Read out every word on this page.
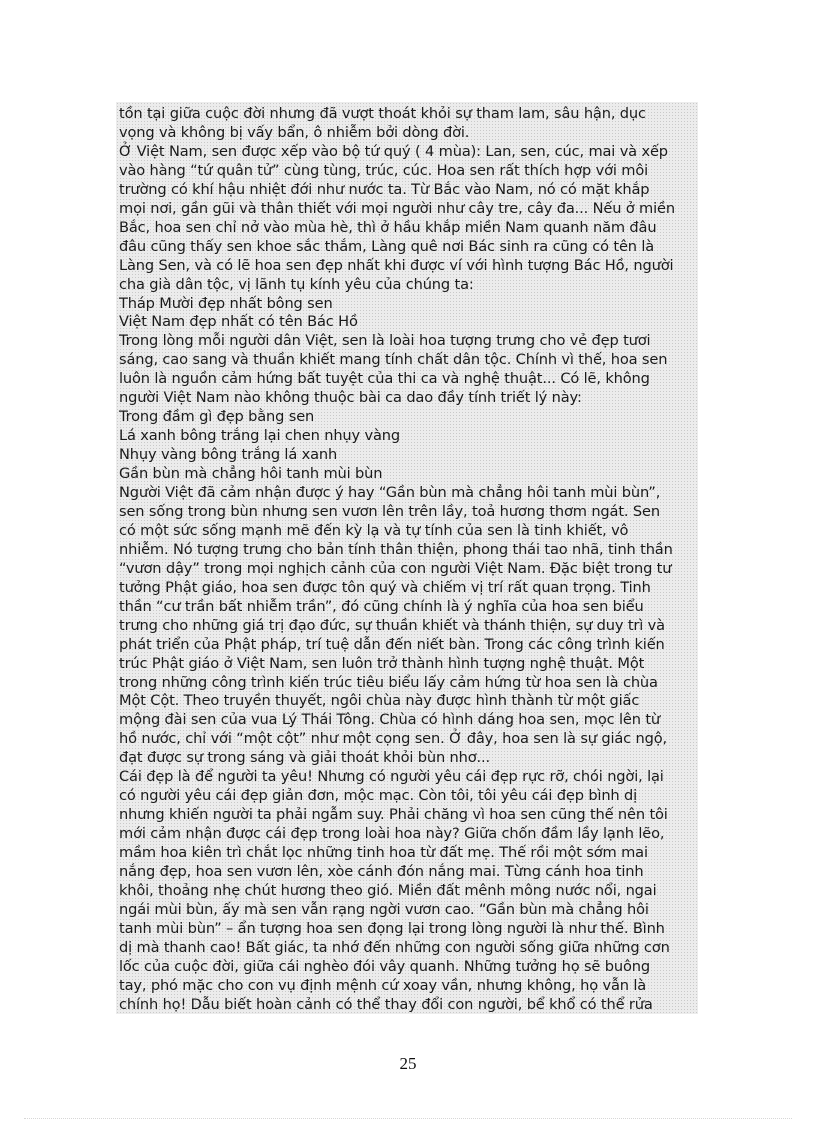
tồn tại giữa cuộc đời nhưng đã vượt thoát khỏi sự tham lam, sâu hận, dục
vọng và không bị vấy bẩn, ô nhiễm bởi dòng đời.
Ở Việt Nam, sen được xếp vào bộ tứ quý ( 4 mùa): Lan, sen, cúc, mai và xếp
vào hàng “tứ quân tử” cùng tùng, trúc, cúc. Hoa sen rất thích hợp với môi
trường có khí hậu nhiệt đới như nước ta. Từ Bắc vào Nam, nó có mặt khắp
mọi nơi, gần gũi và thân thiết với mọi người như cây tre, cây đa... Nếu ở miền
Bắc, hoa sen chỉ nở vào mùa hè, thì ở hầu khắp miền Nam quanh năm đâu
đâu cũng thấy sen khoe sắc thắm, Làng quê nơi Bác sinh ra cũng có tên là
Làng Sen, và có lẽ hoa sen đẹp nhất khi được ví với hình tượng Bác Hồ, người
cha già dân tộc, vị lãnh tụ kính yêu của chúng ta:
Tháp Mười đẹp nhất bông sen
Việt Nam đẹp nhất có tên Bác Hồ
Trong lòng mỗi người dân Việt, sen là loài hoa tượng trưng cho vẻ đẹp tươi
sáng, cao sang và thuần khiết mang tính chất dân tộc. Chính vì thế, hoa sen
luôn là nguồn cảm hứng bất tuyệt của thi ca và nghệ thuật... Có lẽ, không
người Việt Nam nào không thuộc bài ca dao đầy tính triết lý này:
Trong đầm gì đẹp bằng sen
Lá xanh bông trắng lại chen nhụy vàng
Nhụy vàng bông trắng lá xanh
Gần bùn mà chẳng hôi tanh mùi bùn
Người Việt đã cảm nhận được ý hay “Gần bùn mà chẳng hôi tanh mùi bùn”,
sen sống trong bùn nhưng sen vươn lên trên lầy, toả hương thơm ngát. Sen
có một sức sống mạnh mẽ đến kỳ lạ và tự tính của sen là tinh khiết, vô
nhiễm. Nó tượng trưng cho bản tính thân thiện, phong thái tao nhã, tinh thần
“vươn dậy” trong mọi nghịch cảnh của con người Việt Nam. Đặc biệt trong tư
tưởng Phật giáo, hoa sen được tôn quý và chiếm vị trí rất quan trọng. Tinh
thần “cư trần bất nhiễm trần”, đó cũng chính là ý nghĩa của hoa sen biểu
trưng cho những giá trị đạo đức, sự thuần khiết và thánh thiện, sự duy trì và
phát triển của Phật pháp, trí tuệ dẫn đến niết bàn. Trong các công trình kiến
trúc Phật giáo ở Việt Nam, sen luôn trở thành hình tượng nghệ thuật. Một
trong những công trình kiến trúc tiêu biểu lấy cảm hứng từ hoa sen là chùa
Một Cột. Theo truyền thuyết, ngôi chùa này được hình thành từ một giấc
mộng đài sen của vua Lý Thái Tông. Chùa có hình dáng hoa sen, mọc lên từ
hồ nước, chỉ với “một cột” như một cọng sen. Ở đây, hoa sen là sự giác ngộ,
đạt được sự trong sáng và giải thoát khỏi bùn nhơ...
Cái đẹp là để người ta yêu! Nhưng có người yêu cái đẹp rực rỡ, chói ngời, lại
có người yêu cái đẹp giản đơn, mộc mạc. Còn tôi, tôi yêu cái đẹp bình dị
nhưng khiến người ta phải ngẫm suy. Phải chăng vì hoa sen cũng thế nên tôi
mới cảm nhận được cái đẹp trong loài hoa này? Giữa chốn đầm lầy lạnh lẽo,
mầm hoa kiên trì chắt lọc những tinh hoa từ đất mẹ. Thế rồi một sớm mai
nắng đẹp, hoa sen vươn lên, xòe cánh đón nắng mai. Từng cánh hoa tinh
khôi, thoảng nhẹ chút hương theo gió. Miền đất mênh mông nước nổi, ngai
ngái mùi bùn, ấy mà sen vẫn rạng ngời vươn cao. “Gần bùn mà chẳng hôi
tanh mùi bùn” – ẩn tượng hoa sen đọng lại trong lòng người là như thế. Bình
dị mà thanh cao! Bất giác, ta nhớ đến những con người sống giữa những cơn
lốc của cuộc đời, giữa cái nghèo đói vây quanh. Những tưởng họ sẽ buông
tay, phó mặc cho con vụ định mệnh cứ xoay vần, nhưng không, họ vẫn là
chính họ! Dẫu biết hoàn cảnh có thể thay đổi con người, bể khổ có thể rửa
25
